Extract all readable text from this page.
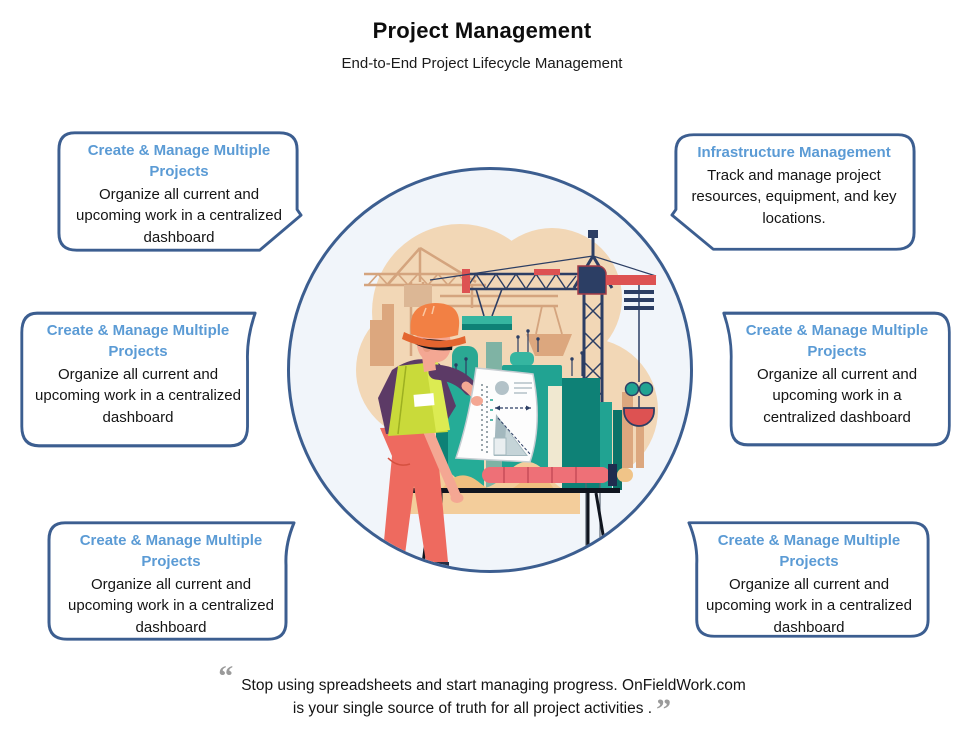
Project Management
End-to-End Project Lifecycle Management
Create & Manage Multiple Projects
Organize all current and upcoming work in a centralized dashboard
Create & Manage Multiple Projects
Organize all current and upcoming work in a centralized dashboard
Create & Manage Multiple Projects
Organize all current and upcoming work in a centralized dashboard
Infrastructure Management
Track and manage project resources, equipment, and key locations.
Create & Manage Multiple Projects
Organize all current and upcoming work in a centralized dashboard
Create & Manage Multiple Projects
Organize all current and upcoming work in a centralized dashboard
“ Stop using spreadsheets and start managing progress. OnFieldWork.com
is your single source of truth for all project activities . ”
